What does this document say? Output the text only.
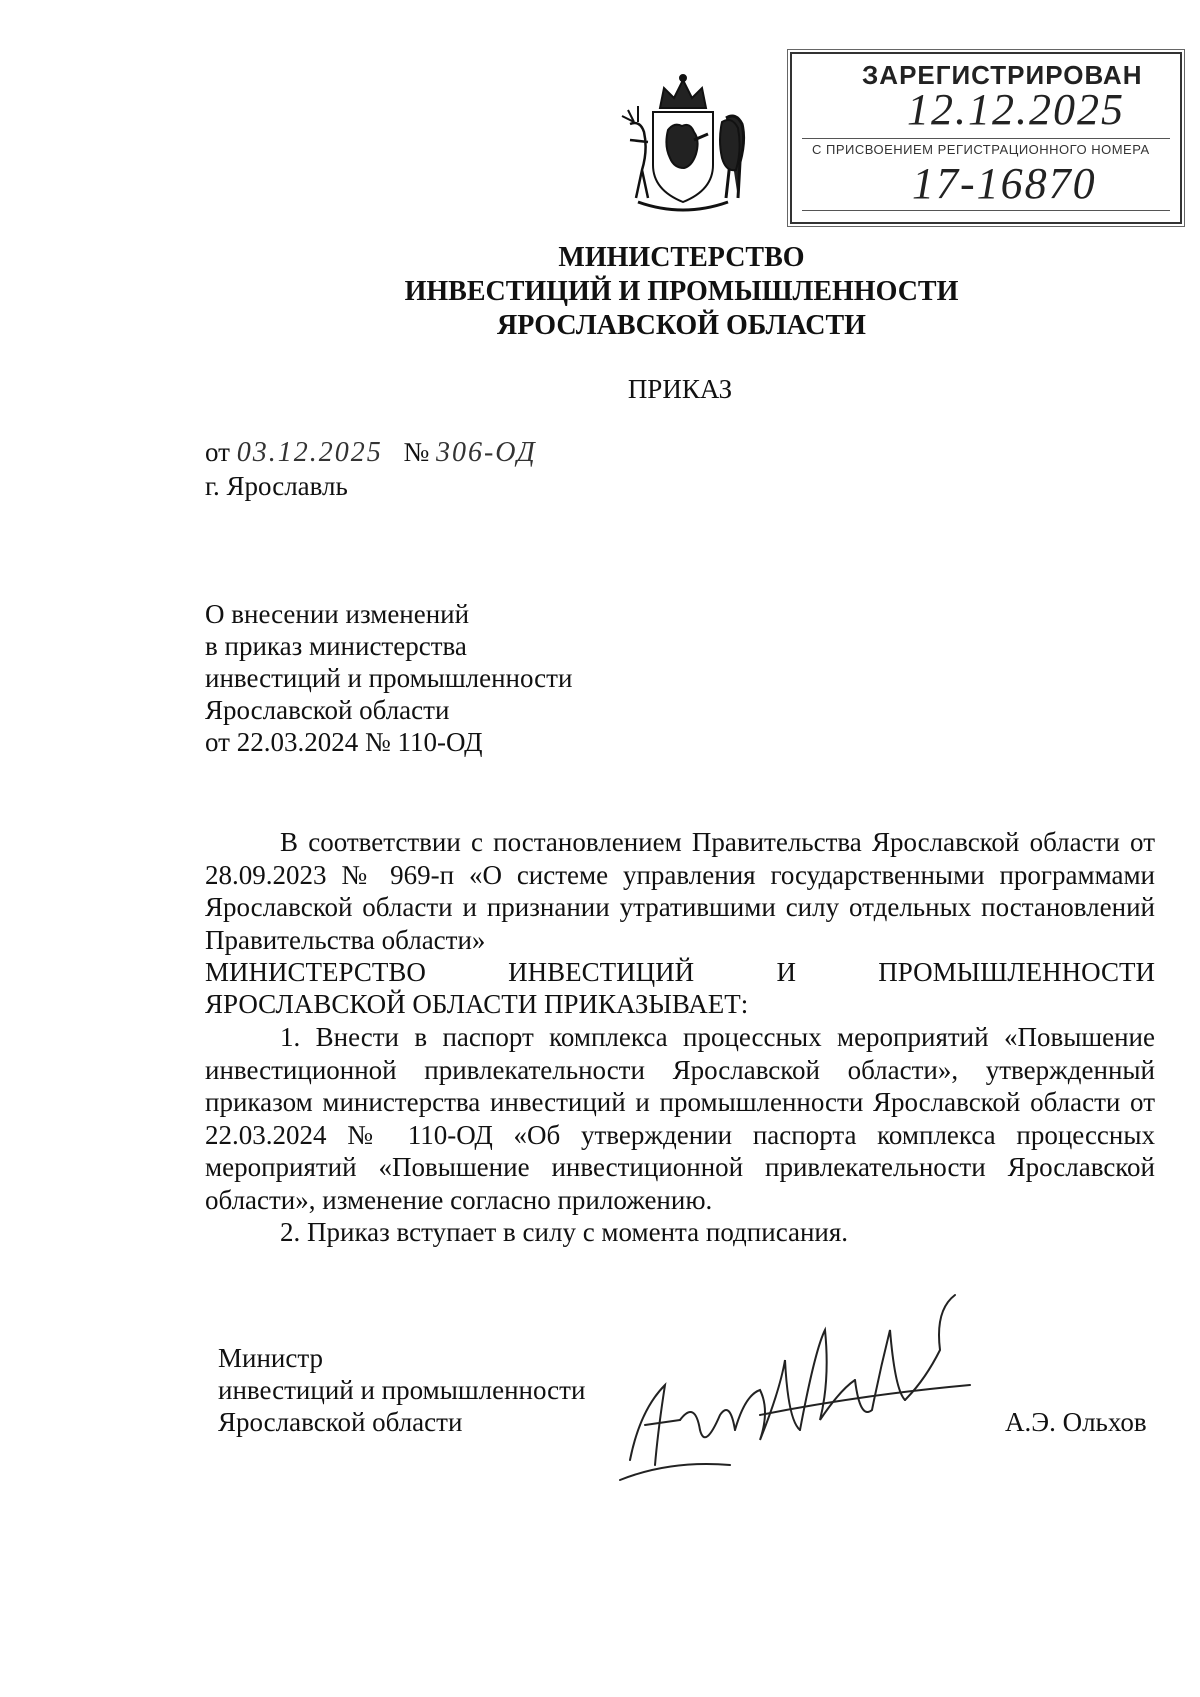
ЗАРЕГИСТРИРОВАН
12.12.2025
С ПРИСВОЕНИЕМ РЕГИСТРАЦИОННОГО НОМЕРА
17-16870
МИНИСТЕРСТВО
ИНВЕСТИЦИЙ И ПРОМЫШЛЕННОСТИ
ЯРОСЛАВСКОЙ ОБЛАСТИ
ПРИКАЗ
от 03.12.2025 № 306-ОД
г. Ярославль
О внесении изменений
в приказ министерства
инвестиций и промышленности
Ярославской области
от 22.03.2024 № 110-ОД
В соответствии с постановлением Правительства Ярославской области от 28.09.2023 № 969-п «О системе управления государственными программами Ярославской области и признании утратившими силу отдельных постановлений Правительства области»
МИНИСТЕРСТВО ИНВЕСТИЦИЙ И ПРОМЫШЛЕННОСТИ
ЯРОСЛАВСКОЙ ОБЛАСТИ ПРИКАЗЫВАЕТ:
1. Внести в паспорт комплекса процессных мероприятий «Повышение инвестиционной привлекательности Ярославской области», утвержденный приказом министерства инвестиций и промышленности Ярославской области от 22.03.2024 № 110-ОД «Об утверждении паспорта комплекса процессных мероприятий «Повышение инвестиционной привлекательности Ярославской области», изменение согласно приложению.
2. Приказ вступает в силу с момента подписания.
Министр
инвестиций и промышленности
Ярославской области	А.Э. Ольхов
